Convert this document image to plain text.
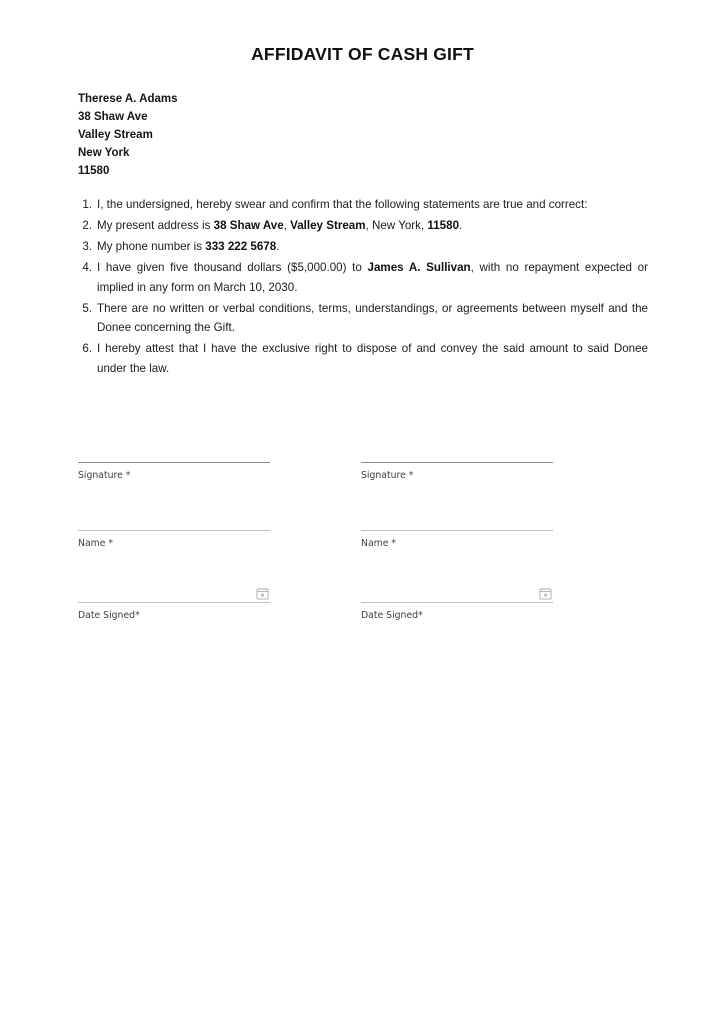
AFFIDAVIT OF CASH GIFT
Therese A. Adams
38 Shaw Ave
Valley Stream
New York
11580
1. I, the undersigned, hereby swear and confirm that the following statements are true and correct:
2. My present address is 38 Shaw Ave, Valley Stream, New York, 11580.
3. My phone number is 333 222 5678.
4. I have given five thousand dollars ($5,000.00) to James A. Sullivan, with no repayment expected or implied in any form on March 10, 2030.
5. There are no written or verbal conditions, terms, understandings, or agreements between myself and the Donee concerning the Gift.
6. I hereby attest that I have the exclusive right to dispose of and convey the said amount to said Donee under the law.
Signature *
Name *
Date Signed*
Signature *
Name *
Date Signed*
